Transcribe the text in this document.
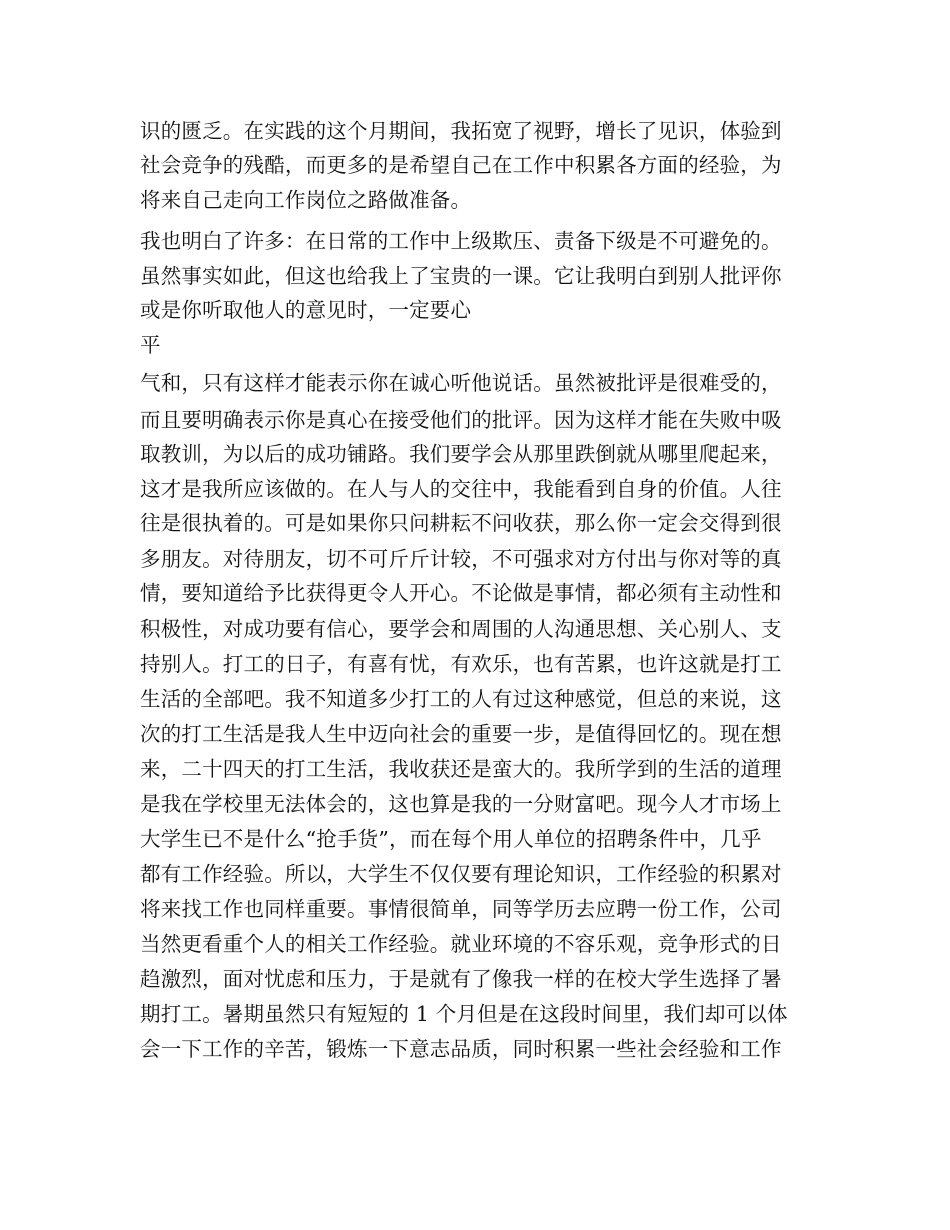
识的匮乏。在实践的这个月期间，我拓宽了视野，增长了见识，体验到
社会竞争的残酷，而更多的是希望自己在工作中积累各方面的经验，为
将来自己走向工作岗位之路做准备。
我也明白了许多：在日常的工作中上级欺压、责备下级是不可避免的。
虽然事实如此，但这也给我上了宝贵的一课。它让我明白到别人批评你
或是你听取他人的意见时，一定要心
平
气和，只有这样才能表示你在诚心听他说话。虽然被批评是很难受的，
而且要明确表示你是真心在接受他们的批评。因为这样才能在失败中吸
取教训，为以后的成功铺路。我们要学会从那里跌倒就从哪里爬起来，
这才是我所应该做的。在人与人的交往中，我能看到自身的价值。人往
往是很执着的。可是如果你只问耕耘不问收获，那么你一定会交得到很
多朋友。对待朋友，切不可斤斤计较，不可强求对方付出与你对等的真
情，要知道给予比获得更令人开心。不论做是事情，都必须有主动性和
积极性，对成功要有信心，要学会和周围的人沟通思想、关心别人、支
持别人。打工的日子，有喜有忧，有欢乐，也有苦累，也许这就是打工
生活的全部吧。我不知道多少打工的人有过这种感觉，但总的来说，这
次的打工生活是我人生中迈向社会的重要一步，是值得回忆的。现在想
来，二十四天的打工生活，我收获还是蛮大的。我所学到的生活的道理
是我在学校里无法体会的，这也算是我的一分财富吧。现今人才市场上
大学生已不是什么“抢手货”，而在每个用人单位的招聘条件中，几乎
都有工作经验。所以，大学生不仅仅要有理论知识，工作经验的积累对
将来找工作也同样重要。事情很简单，同等学历去应聘一份工作，公司
当然更看重个人的相关工作经验。就业环境的不容乐观，竞争形式的日
趋激烈，面对忧虑和压力，于是就有了像我一样的在校大学生选择了暑
期打工。暑期虽然只有短短的 1 个月但是在这段时间里，我们却可以体
会一下工作的辛苦，锻炼一下意志品质，同时积累一些社会经验和工作
